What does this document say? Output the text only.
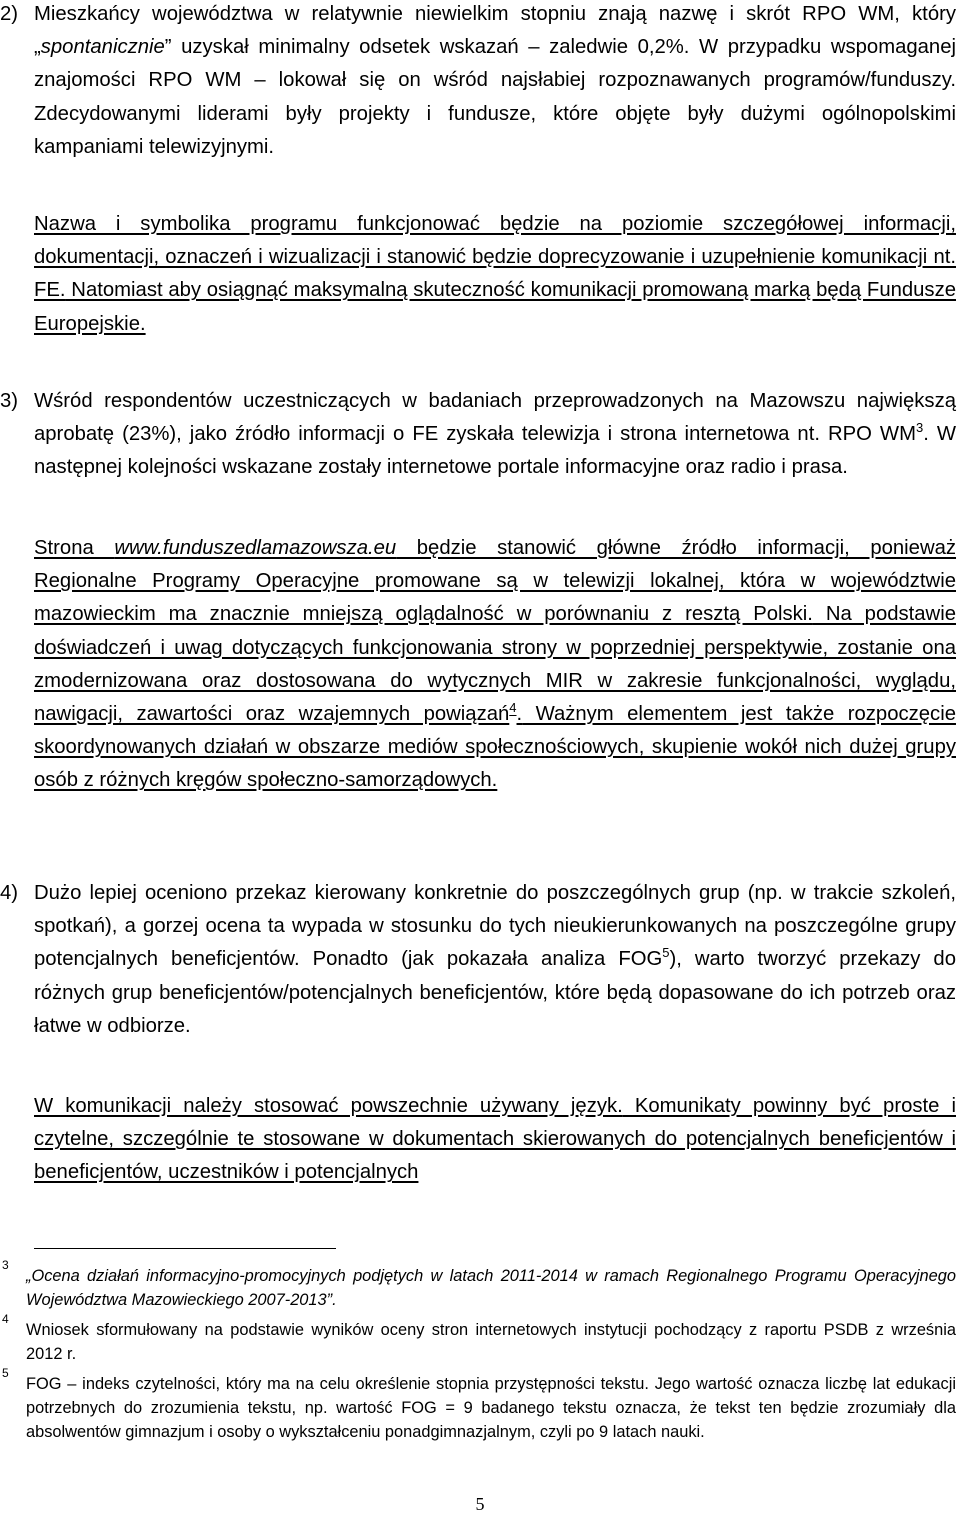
2) Mieszkańcy województwa w relatywnie niewielkim stopniu znają nazwę i skrót RPO WM, który „spontanicznie” uzyskał minimalny odsetek wskazań – zaledwie 0,2%. W przypadku wspomaganej znajomości RPO WM – lokował się on wśród najsłabiej rozpoznawanych programów/funduszy. Zdecydowanymi liderami były projekty i fundusze, które objęte były dużymi ogólnopolskimi kampaniami telewizyjnymi.
Nazwa i symbolika programu funkcjonować będzie na poziomie szczegółowej informacji, dokumentacji, oznaczeń i wizualizacji i stanowić będzie doprecyzowanie i uzupełnienie komunikacji nt. FE. Natomiast aby osiągnąć maksymalną skuteczność komunikacji promowaną marką będą Fundusze Europejskie.
3) Wśród respondentów uczestniczących w badaniach przeprowadzonych na Mazowszu największą aprobatę (23%), jako źródło informacji o FE zyskała telewizja i strona internetowa nt. RPO $WM^3$. W następnej kolejności wskazane zostały internetowe portale informacyjne oraz radio i prasa.
Strona www.funduszedlamazowsza.eu będzie stanowić główne źródło informacji, ponieważ Regionalne Programy Operacyjne promowane są w telewizji lokalnej, która w województwie mazowieckim ma znacznie mniejszą oglądalność w porównaniu z resztą Polski. Na podstawie doświadczeń i uwag dotyczących funkcjonowania strony w poprzedniej perspektywie, zostanie ona zmodernizowana oraz dostosowana do wytycznych MIR w zakresie funkcjonalności, wyglądu, nawigacji, zawartości oraz wzajemnych powiązań$^4$. Ważnym elementem jest także rozpoczęcie skoordynowanych działań w obszarze mediów społecznościowych, skupienie wokół nich dużej grupy osób z różnych kręgów społeczno-samorządowych.
4) Dużo lepiej oceniono przekaz kierowany konkretnie do poszczególnych grup (np. w trakcie szkoleń, spotkań), a gorzej ocena ta wypada w stosunku do tych nieukierunkowanych na poszczególne grupy potencjalnych beneficjentów. Ponadto (jak pokazała analiza FOG$^5$), warto tworzyć przekazy do różnych grup beneficjentów/potencjalnych beneficjentów, które będą dopasowane do ich potrzeb oraz łatwe w odbiorze.
W komunikacji należy stosować powszechnie używany język. Komunikaty powinny być proste i czytelne, szczególnie te stosowane w dokumentach skierowanych do potencjalnych beneficjentów i beneficjentów, uczestników i potencjalnych
3
„Ocena działań informacyjno-promocyjnych podjętych w latach 2011-2014 w ramach Regionalnego Programu Operacyjnego Województwa Mazowieckiego 2007-2013”.
4
Wniosek sformułowany na podstawie wyników oceny stron internetowych instytucji pochodzący z raportu PSDB z września 2012 r.
5
FOG – indeks czytelności, który ma na celu określenie stopnia przystępności tekstu. Jego wartość oznacza liczbę lat edukacji potrzebnych do zrozumienia tekstu, np. wartość FOG = 9 badanego tekstu oznacza, że tekst ten będzie zrozumiały dla absolwentów gimnazjum i osoby o wykształceniu ponadgimnazjalnym, czyli po 9 latach nauki.
5
